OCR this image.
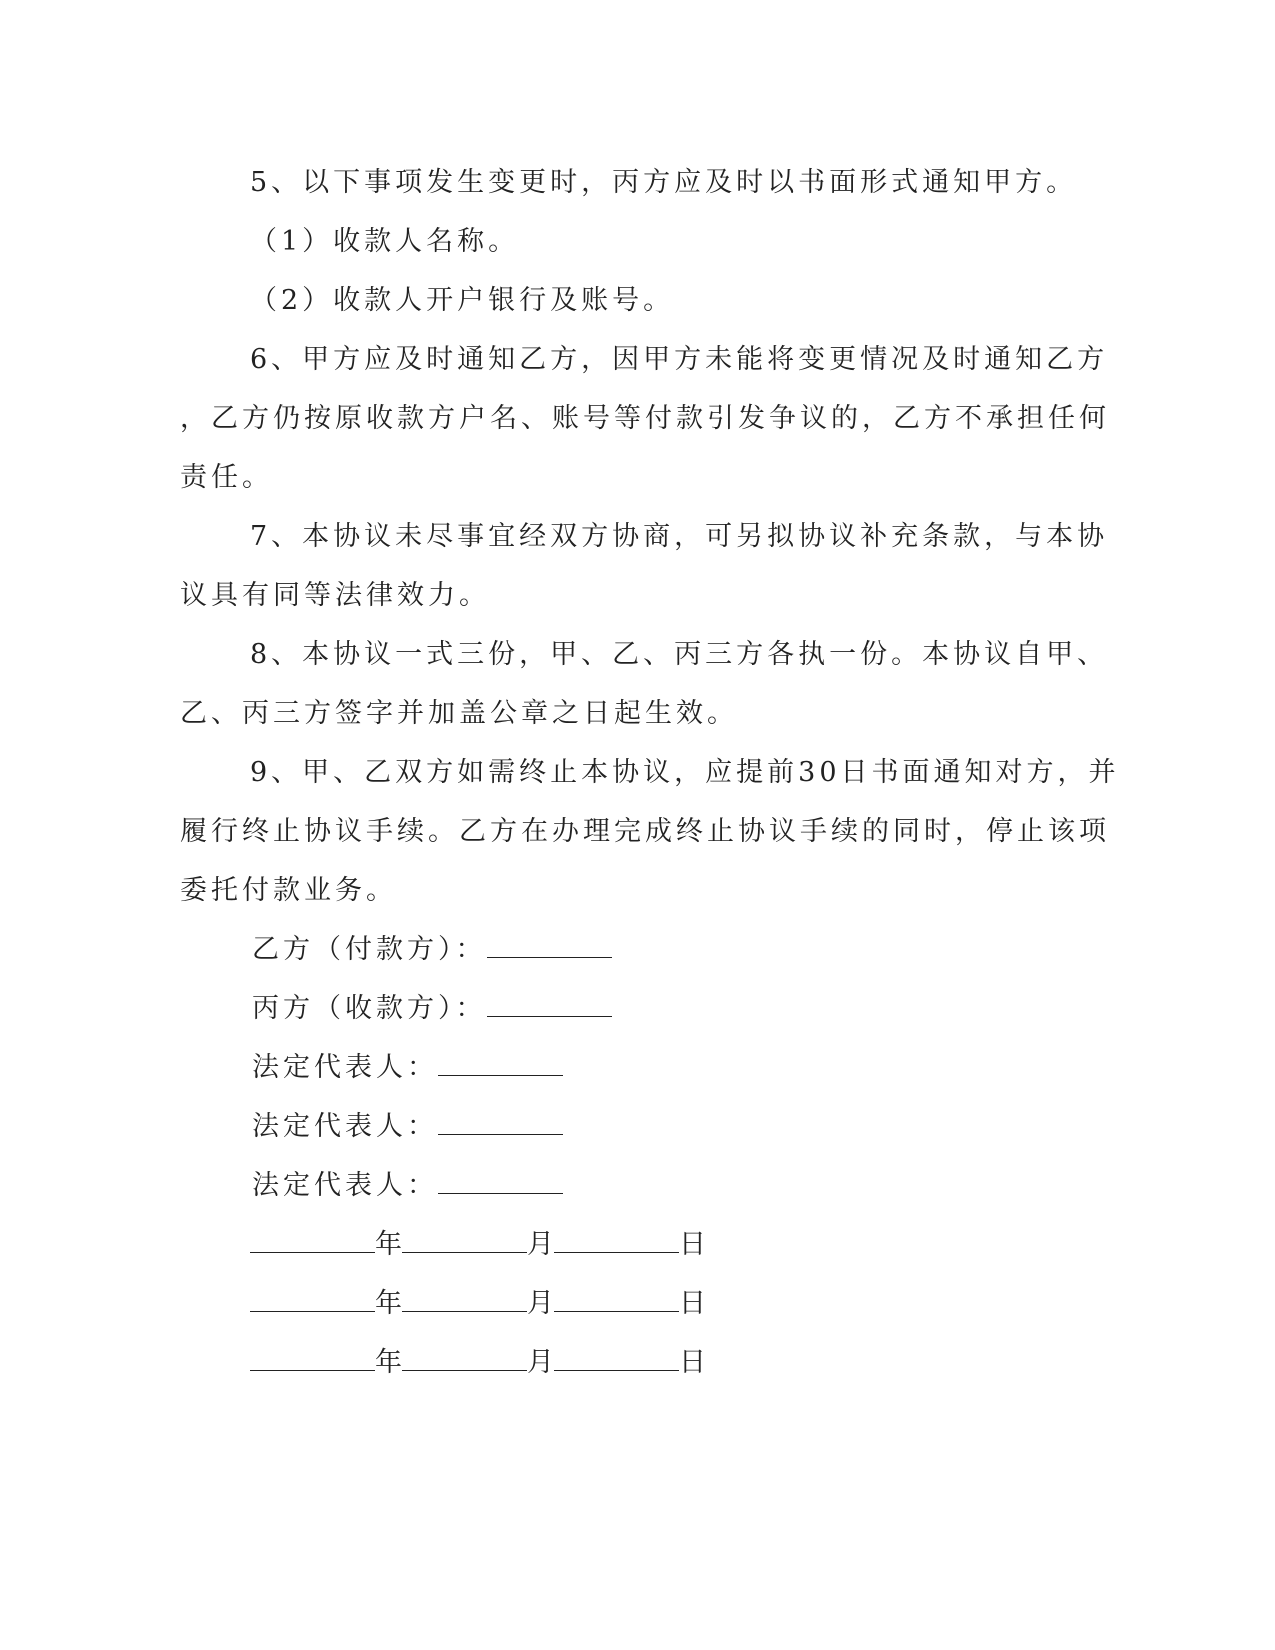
5、以下事项发生变更时，丙方应及时以书面形式通知甲方。
（1）收款人名称。
（2）收款人开户银行及账号。
6、甲方应及时通知乙方，因甲方未能将变更情况及时通知乙方
，乙方仍按原收款方户名、账号等付款引发争议的，乙方不承担任何
责任。
7、本协议未尽事宜经双方协商，可另拟协议补充条款，与本协
议具有同等法律效力。
8、本协议一式三份，甲、乙、丙三方各执一份。本协议自甲、
乙、丙三方签字并加盖公章之日起生效。
9、甲、乙双方如需终止本协议，应提前30日书面通知对方，并
履行终止协议手续。乙方在办理完成终止协议手续的同时，停止该项
委托付款业务。
乙方（付款方）：
丙方（收款方）：
法定代表人：
法定代表人：
法定代表人：
年	月	日
年	月	日
年	月	日
